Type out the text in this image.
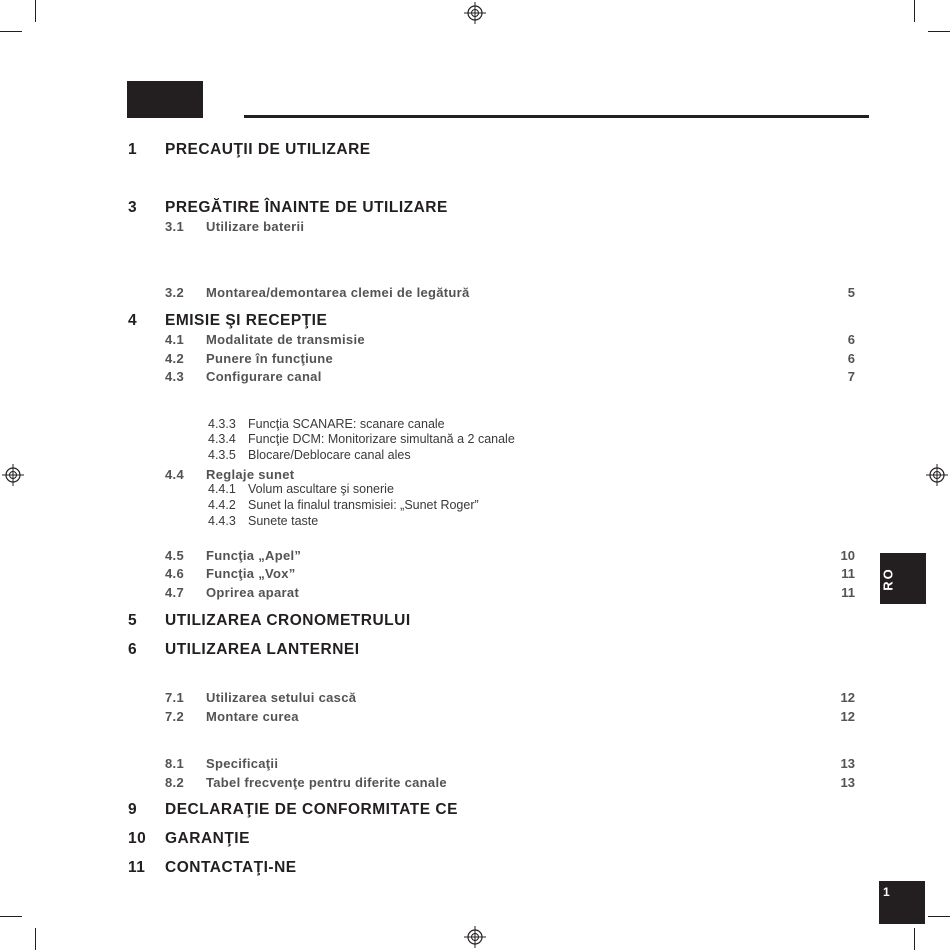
1 PRECAUŢII DE UTILIZARE
3 PREGĂTIRE ÎNAINTE DE UTILIZARE
3.1 Utilizare baterii
3.2 Montarea/demontarea clemei de legătură	5
4 EMISIE ŞI RECEPŢIE
4.1 Modalitate de transmisie	6
4.2 Punere în funcţiune	6
4.3 Configurare canal	7
4.3.3 Funcţia SCANARE: scanare canale
4.3.4 Funcţie DCM: Monitorizare simultană a 2 canale
4.3.5 Blocare/Deblocare canal ales
4.4 Reglaje sunet
4.4.1 Volum ascultare şi sonerie
4.4.2 Sunet la finalul transmisiei: „Sunet Roger”
4.4.3 Sunete taste
4.5 Funcţia „Apel”	10
4.6 Funcţia „Vox”	11
4.7 Oprirea aparat	11
5 UTILIZAREA CRONOMETRULUI
6 UTILIZAREA LANTERNEI
7.1 Utilizarea setului cască	12
7.2 Montare curea	12
8.1 Specificaţii	13
8.2 Tabel frecvenţe pentru diferite canale	13
9 DECLARAŢIE DE CONFORMITATE CE
10 GARANŢIE
11 CONTACTAŢI-NE
RO
1
